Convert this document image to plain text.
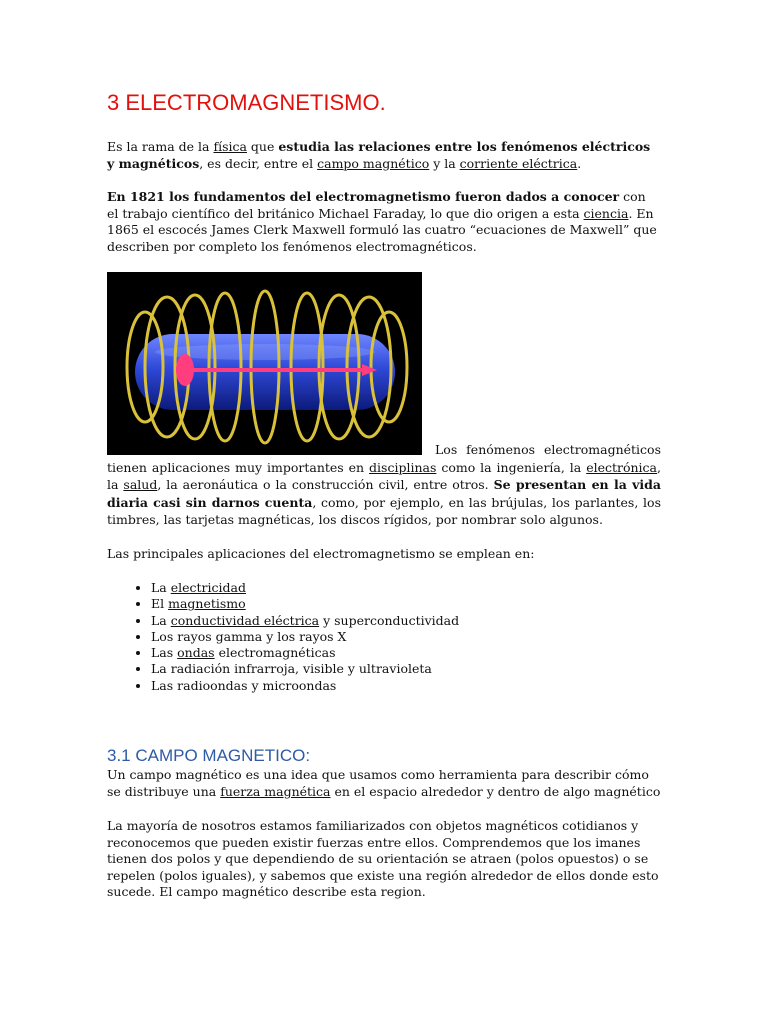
3 ELECTROMAGNETISMO.

Es la rama de la física que estudia las relaciones entre los fenómenos eléctricos y magnéticos, es decir, entre el campo magnético y la corriente eléctrica.

En 1821 los fundamentos del electromagnetismo fueron dados a conocer con el trabajo científico del británico Michael Faraday, lo que dio origen a esta ciencia. En 1865 el escocés James Clerk Maxwell formuló las cuatro “ecuaciones de Maxwell” que describen por completo los fenómenos electromagnéticos.

Los fenómenos electromagnéticos tienen aplicaciones muy importantes en disciplinas como la ingeniería, la electrónica, la salud, la aeronáutica o la construcción civil, entre otros. Se presentan en la vida diaria casi sin darnos cuenta, como, por ejemplo, en las brújulas, los parlantes, los timbres, las tarjetas magnéticas, los discos rígidos, por nombrar solo algunos.

Las principales aplicaciones del electromagnetismo se emplean en:

• La electricidad
• El magnetismo
• La conductividad eléctrica y superconductividad
• Los rayos gamma y los rayos X
• Las ondas electromagnéticas
• La radiación infrarroja, visible y ultravioleta
• Las radioondas y microondas
3.1 CAMPO MAGNETICO:

Un campo magnético es una idea que usamos como herramienta para describir cómo se distribuye una fuerza magnética en el espacio alrededor y dentro de algo magnético

La mayoría de nosotros estamos familiarizados con objetos magnéticos cotidianos y reconocemos que pueden existir fuerzas entre ellos. Comprendemos que los imanes tienen dos polos y que dependiendo de su orientación se atraen (polos opuestos) o se repelen (polos iguales), y sabemos que existe una región alrededor de ellos donde esto sucede. El campo magnético describe esta region.
